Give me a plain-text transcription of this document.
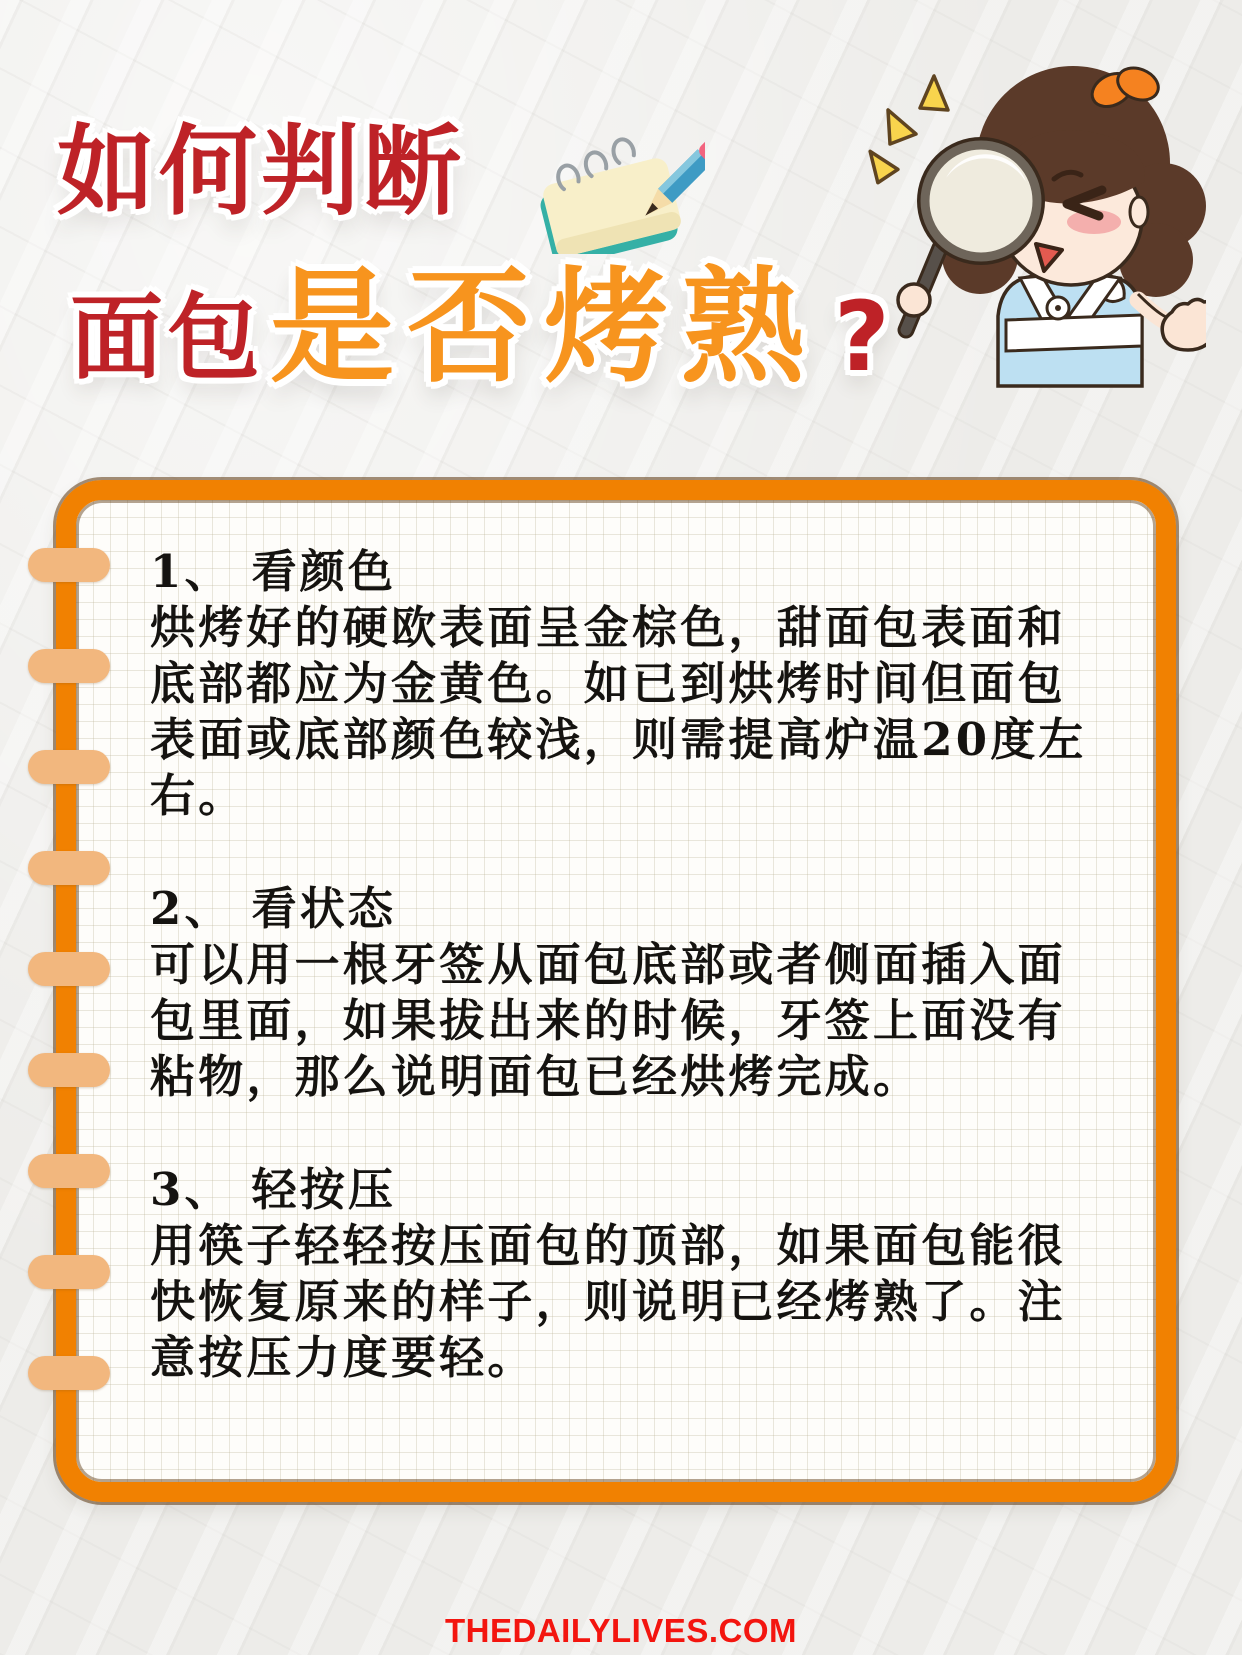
如何判断
面包是否烤熟 ?
1、 看颜色
烘烤好的硬欧表面呈金棕色，甜面包表面和底部都应为金黄色。如已到烘烤时间但面包表面或底部颜色较浅，则需提高炉温20度左右。
2、 看状态
可以用一根牙签从面包底部或者侧面插入面包里面，如果拔出来的时候，牙签上面没有粘物，那么说明面包已经烘烤完成。
3、 轻按压
用筷子轻轻按压面包的顶部，如果面包能很快恢复原来的样子，则说明已经烤熟了。注意按压力度要轻。
THEDAILYLIVES.COM
